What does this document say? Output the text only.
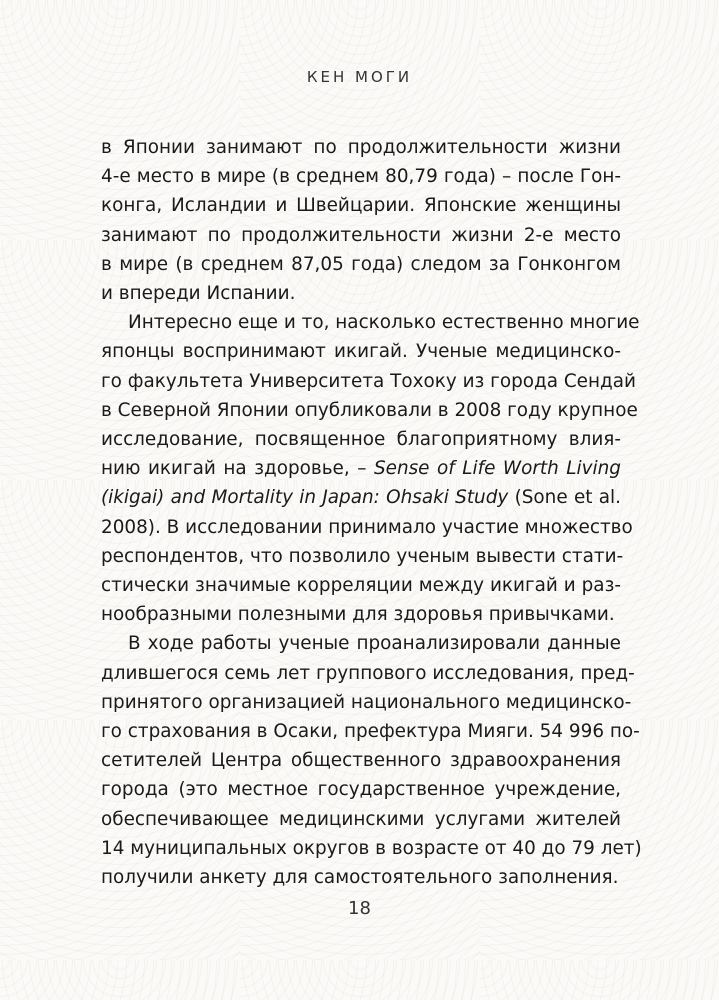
КЕН МОГИ

в Японии занимают по продолжительности жизни
4-е место в мире (в среднем 80,79 года) – после Гон-
конга, Исландии и Швейцарии. Японские женщины
занимают по продолжительности жизни 2-е место
в мире (в среднем 87,05 года) следом за Гонконгом
и впереди Испании.

Интересно еще и то, насколько естественно многие
японцы воспринимают икигай. Ученые медицинско-
го факультета Университета Тохоку из города Сендай
в Северной Японии опубликовали в 2008 году крупное
исследование, посвященное благоприятному влия-
нию икигай на здоровье, – Sense of Life Worth Living
(ikigai) and Mortality in Japan: Ohsaki Study (Sone et al.
2008). В исследовании принимало участие множество
респондентов, что позволило ученым вывести стати-
стически значимые корреляции между икигай и раз-
нообразными полезными для здоровья привычками.

В ходе работы ученые проанализировали данные
длившегося семь лет группового исследования, пред-
принятого организацией национального медицинско-
го страхования в Осаки, префектура Мияги. 54 996 по-
сетителей Центра общественного здравоохранения
города (это местное государственное учреждение,
обеспечивающее медицинскими услугами жителей
14 муниципальных округов в возрасте от 40 до 79 лет)
получили анкету для самостоятельного заполнения.

18
